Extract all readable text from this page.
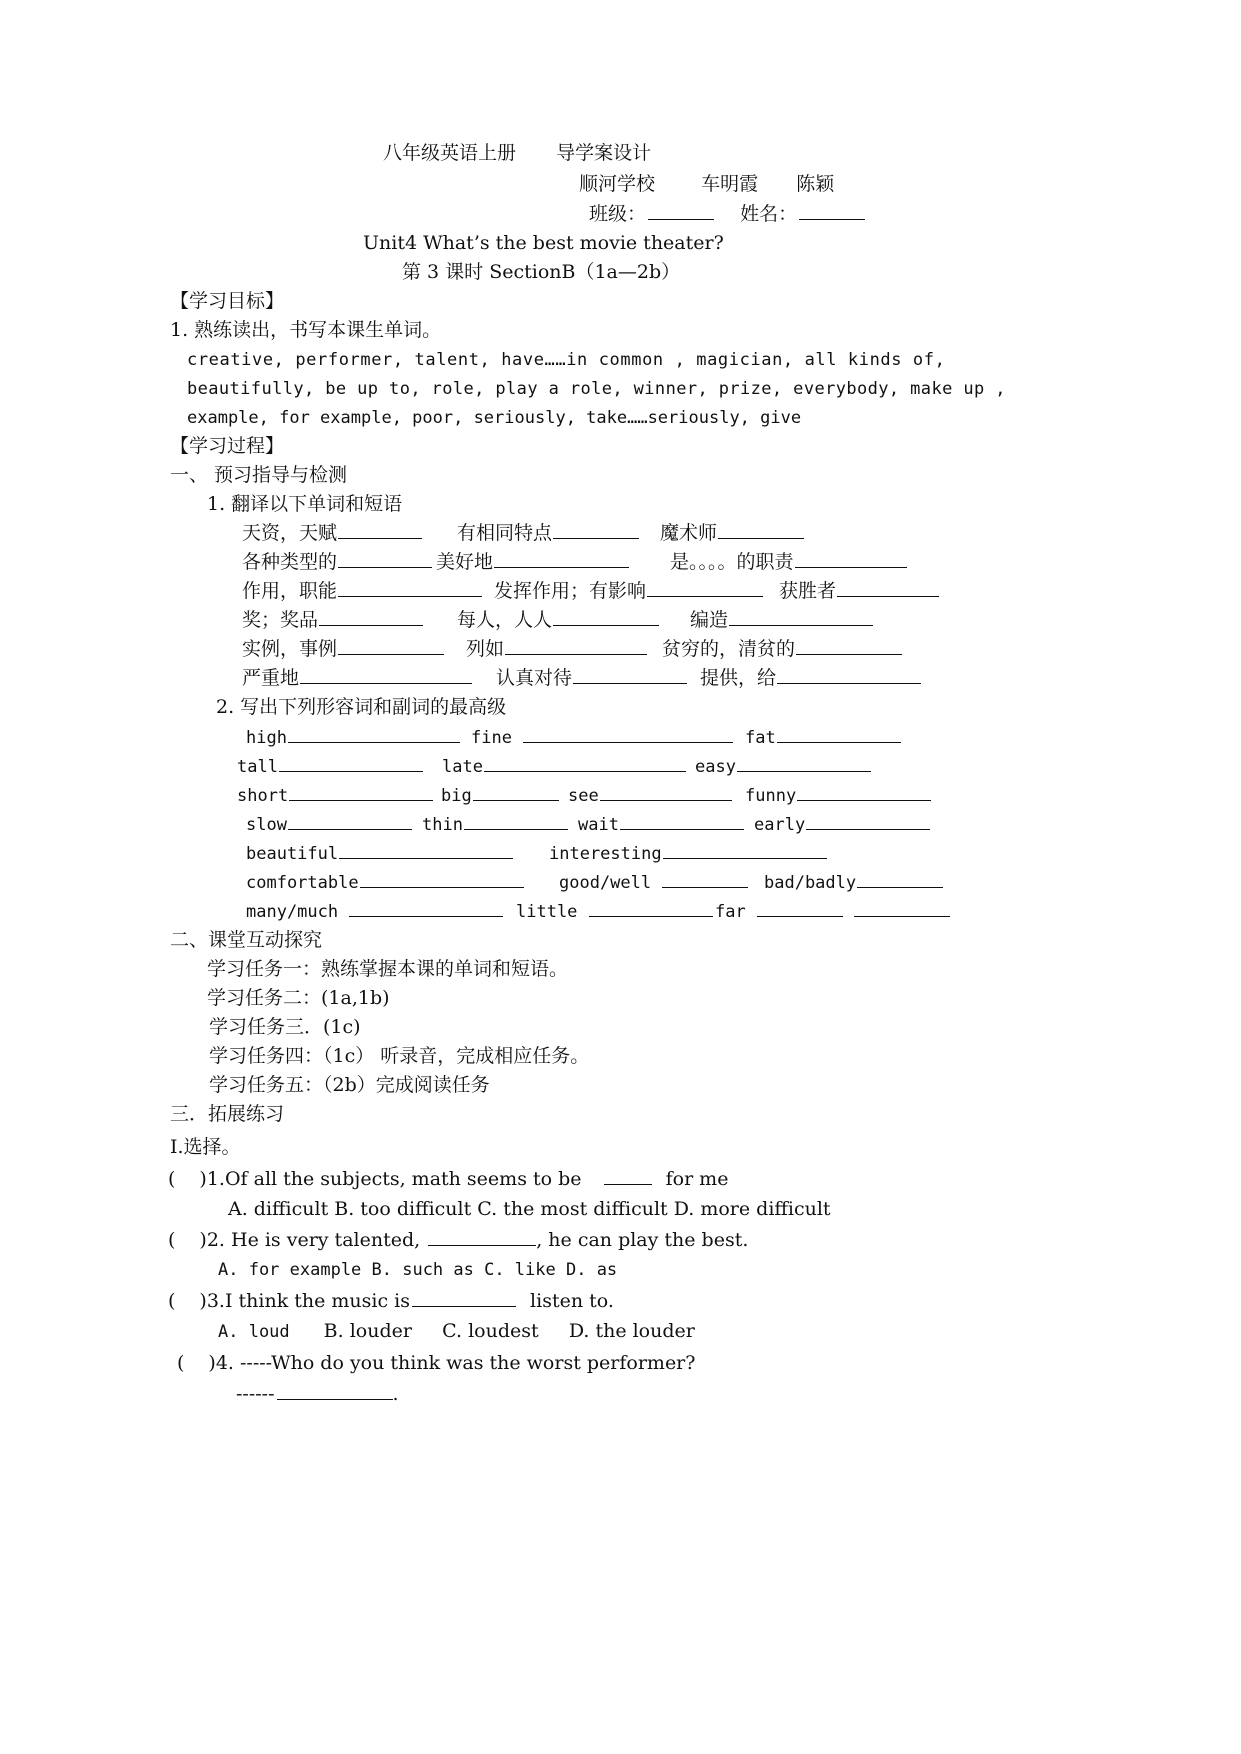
八年级英语上册 导学案设计
顺河学校 车明霞 陈颖
班级：	姓名：
Unit4 What’s the best movie theater?
第 3 课时 SectionB（1a—2b）
【学习目标】
1. 熟练读出，书写本课生单词。
creative, performer, talent, have……in common , magician, all kinds of,
beautifully, be up to, role, play a role, winner, prize, everybody, make up ,
example, for example, poor, seriously, take……seriously, give
【学习过程】
一、 预习指导与检测
1. 翻译以下单词和短语
天资，天赋	有相同特点	魔术师
各种类型的	美好地	是。。。。的职责
作用，职能	发挥作用；有影响	获胜者
奖；奖品	每人，人人	编造
实例，事例	列如	贫穷的，清贫的
严重地	认真对待	提供，给
2. 写出下列形容词和副词的最高级
high	fine	fat
tall	late	easy
short	big	see	funny
slow	thin	wait	early
beautiful	interesting
comfortable	good/well	bad/badly
many/much	little	far
二、课堂互动探究
学习任务一：熟练掌握本课的单词和短语。
学习任务二：(1a,1b)
学习任务三．(1c)
学习任务四：（1c） 听录音，完成相应任务。
学习任务五：（2b）完成阅读任务
三．拓展练习
I.选择。
( )1.Of all the subjects, math seems to be	for me
A. difficult B. too difficult C. the most difficult D. more difficult
( )2. He is very talented,	, he can play the best.
A. for example B. such as C. like D. as
( )3.I think the music is	listen to.
A. loud B. louder     C. loudest     D. the louder
( )4. -----Who do you think was the worst performer?
------	.
